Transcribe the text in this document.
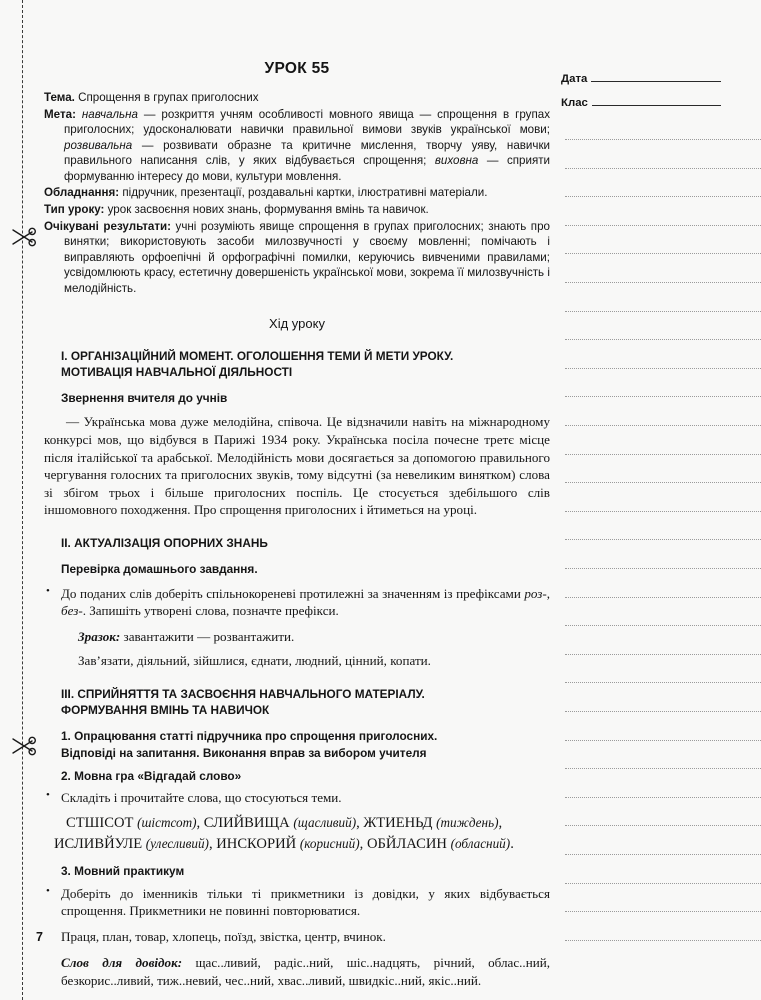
УРОК 55
Тема. Спрощення в групах приголосних
Мета: навчальна — розкриття учням особливості мовного явища — спрощення в групах приголосних; удосконалювати навички правильної вимови звуків української мови; розвивальна — розвивати образне та критичне мислення, творчу уяву, навички правильного написання слів, у яких відбувається спрощення; виховна — сприяти формуванню інтересу до мови, культури мовлення.
Обладнання: підручник, презентації, роздавальні картки, ілюстративні матеріали.
Тип уроку: урок засвоєння нових знань, формування вмінь та навичок.
Очікувані результати: учні розуміють явище спрощення в групах приголосних; знають про винятки; використовують засоби милозвучності у своєму мовленні; помічають і виправляють орфоепічні й орфографічні помилки, керуючись вивченими правилами; усвідомлюють красу, естетичну довершеність української мови, зокрема її милозвучність і мелодійність.
Хід уроку
I. ОРГАНІЗАЦІЙНИЙ МОМЕНТ. ОГОЛОШЕННЯ ТЕМИ Й МЕТИ УРОКУ.
МОТИВАЦІЯ НАВЧАЛЬНОЇ ДІЯЛЬНОСТІ
Звернення вчителя до учнів
— Українська мова дуже мелодійна, співоча. Це відзначили навіть на міжнародному конкурсі мов, що відбувся в Парижі 1934 року. Українська посіла почесне третє місце після італійської та арабської. Мелодійність мови досягається за допомогою правильного чергування голосних та приголосних звуків, тому відсутні (за невеликим винятком) слова зі збігом трьох і більше приголосних поспіль. Це стосується здебільшого слів іншомовного походження. Про спрощення приголосних і йтиметься на уроці.
II. АКТУАЛІЗАЦІЯ ОПОРНИХ ЗНАНЬ
Перевірка домашнього завдання.
• До поданих слів доберіть спільнокореневі протилежні за значенням із префіксами роз-, без-. Запишіть утворені слова, позначте префікси.
Зразок: завантажити — розвантажити.
Зав’язати, діяльний, зійшлися, єднати, людний, цінний, копати.
III. СПРИЙНЯТТЯ ТА ЗАСВОЄННЯ НАВЧАЛЬНОГО МАТЕРІАЛУ.
ФОРМУВАННЯ ВМІНЬ ТА НАВИЧОК
1. Опрацювання статті підручника про спрощення приголосних.
Відповіді на запитання. Виконання вправ за вибором учителя
2. Мовна гра «Відгадай слово»
• Складіть і прочитайте слова, що стосуються теми.
СТШІСОТ (шістсот), СЛИЙВИЩА (щасливий), ЖТИЕНЬД (тиждень),
ИСЛИВЙУЛЕ (улесливий), ИНСКОРИЙ (корисний), ОБЙЛАСИН (обласний).
3. Мовний практикум
• Доберіть до іменників тільки ті прикметники із довідки, у яких відбувається спрощення. Прикметники не повинні повторюватися.
Праця, план, товар, хлопець, поїзд, звістка, центр, вчинок.
Слов для довідок: щас..ливий, радіс..ний, шіс..надцять, річний, облас..ний, безкорис..ливий, тиж..невий, чес..ний, хвас..ливий, швидкіс..ний, якіс..ний.
7
Дата
Клас
